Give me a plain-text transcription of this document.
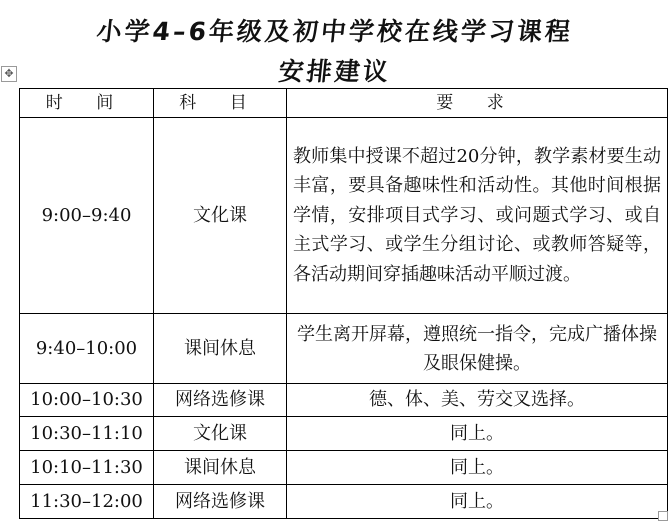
小学4–6年级及初中学校在线学习课程
安排建议
✥
时 间	科 目	要 求
9:00–9:40	文化课	教师集中授课不超过20分钟，教学素材要生动丰富，要具备趣味性和活动性。其他时间根据学情，安排项目式学习、或问题式学习、或自主式学习、或学生分组讨论、或教师答疑等，各活动期间穿插趣味活动平顺过渡。
9:40–10:00	课间休息	学生离开屏幕，遵照统一指令，完成广播体操及眼保健操。
10:00–10:30	网络选修课	德、体、美、劳交叉选择。
10:30–11:10	文化课	同上。
10:10–11:30	课间休息	同上。
11:30–12:00	网络选修课	同上。
